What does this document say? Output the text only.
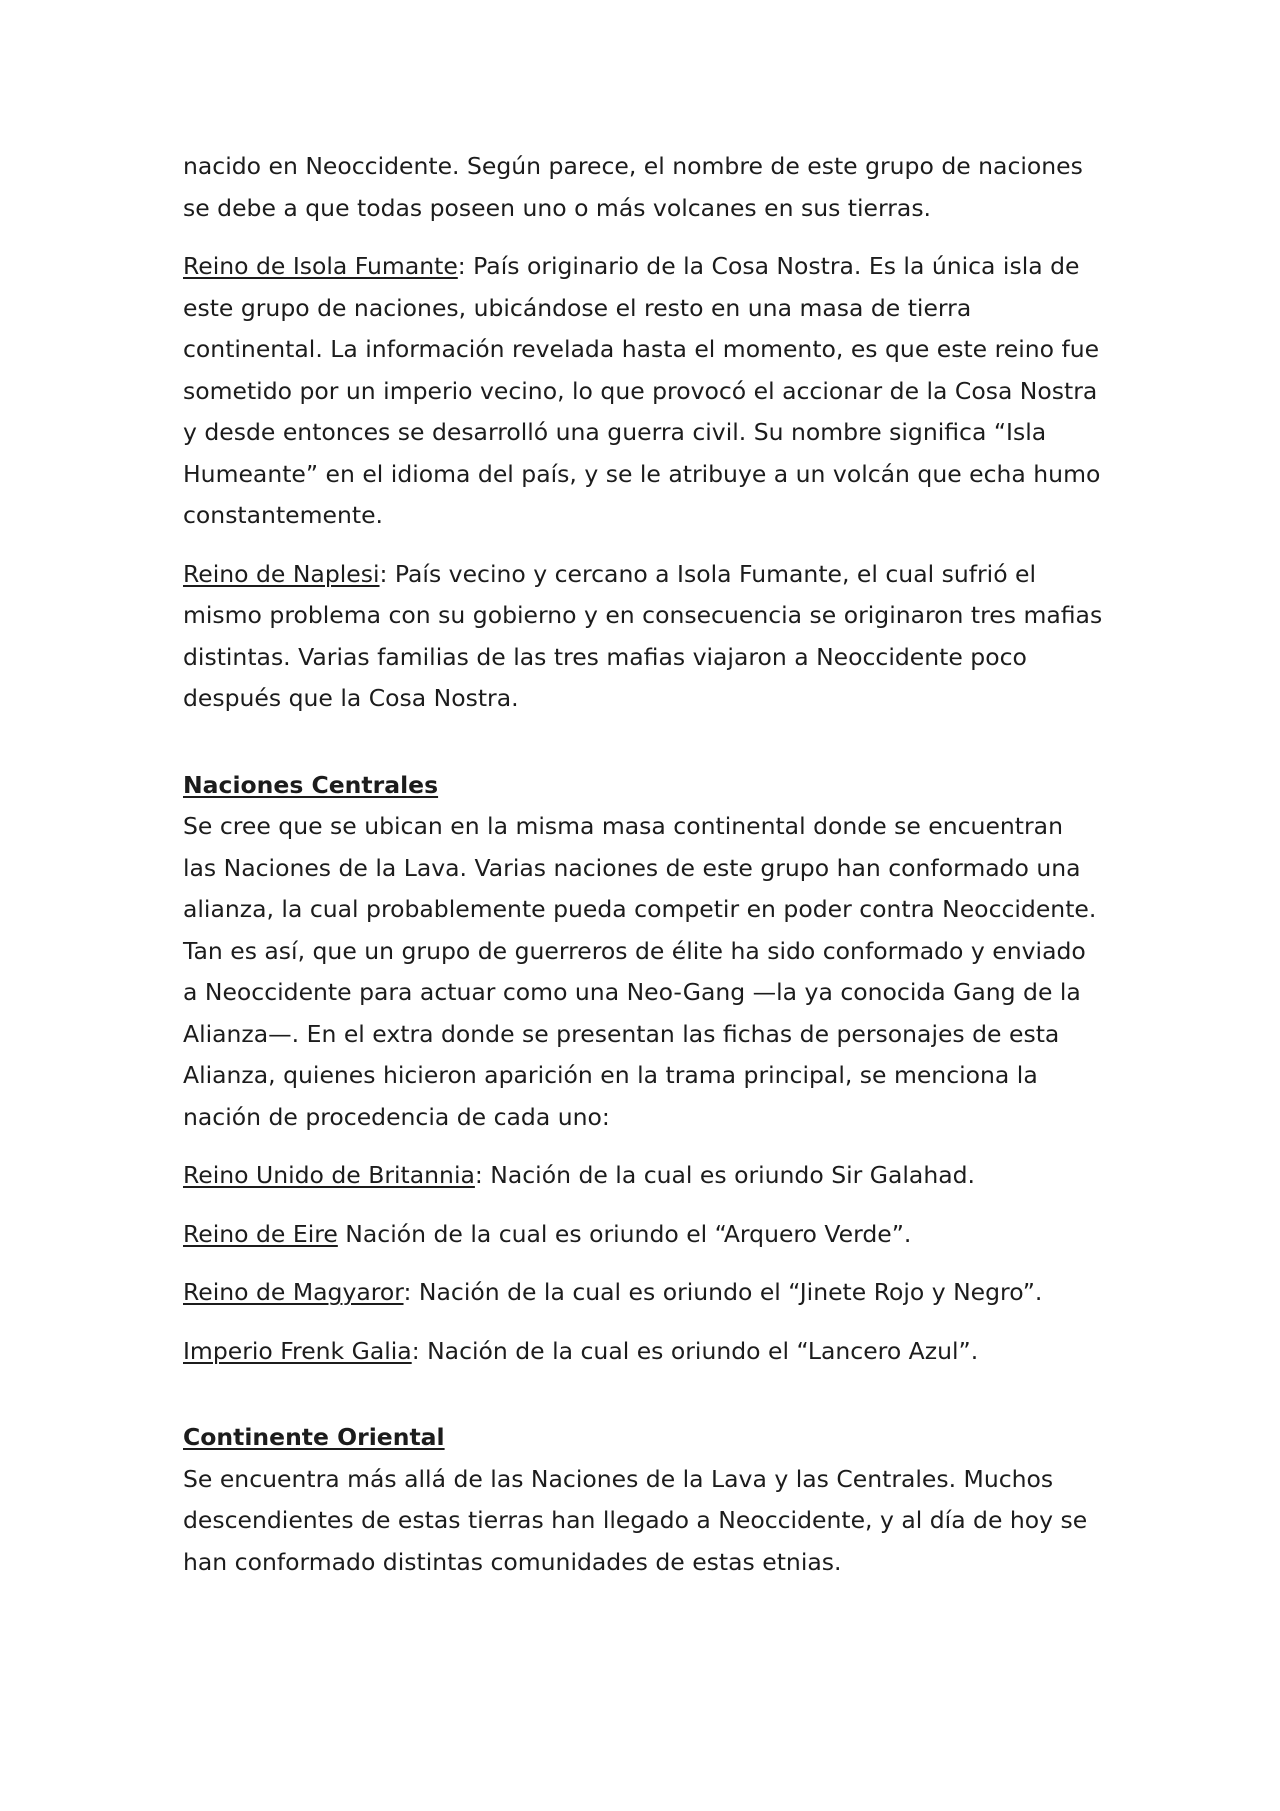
nacido en Neoccidente. Según parece, el nombre de este grupo de naciones se debe a que todas poseen uno o más volcanes en sus tierras.

Reino de Isola Fumante: País originario de la Cosa Nostra. Es la única isla de este grupo de naciones, ubicándose el resto en una masa de tierra continental. La información revelada hasta el momento, es que este reino fue sometido por un imperio vecino, lo que provocó el accionar de la Cosa Nostra y desde entonces se desarrolló una guerra civil. Su nombre significa “Isla Humeante” en el idioma del país, y se le atribuye a un volcán que echa humo constantemente.

Reino de Naplesi: País vecino y cercano a Isola Fumante, el cual sufrió el mismo problema con su gobierno y en consecuencia se originaron tres mafias distintas. Varias familias de las tres mafias viajaron a Neoccidente poco después que la Cosa Nostra.

Naciones Centrales

Se cree que se ubican en la misma masa continental donde se encuentran las Naciones de la Lava. Varias naciones de este grupo han conformado una alianza, la cual probablemente pueda competir en poder contra Neoccidente. Tan es así, que un grupo de guerreros de élite ha sido conformado y enviado a Neoccidente para actuar como una Neo-Gang —la ya conocida Gang de la Alianza—. En el extra donde se presentan las fichas de personajes de esta Alianza, quienes hicieron aparición en la trama principal, se menciona la nación de procedencia de cada uno:

Reino Unido de Britannia: Nación de la cual es oriundo Sir Galahad.

Reino de Eire Nación de la cual es oriundo el “Arquero Verde”.

Reino de Magyaror: Nación de la cual es oriundo el “Jinete Rojo y Negro”.

Imperio Frenk Galia: Nación de la cual es oriundo el “Lancero Azul”.

Continente Oriental

Se encuentra más allá de las Naciones de la Lava y las Centrales. Muchos descendientes de estas tierras han llegado a Neoccidente, y al día de hoy se han conformado distintas comunidades de estas etnias.
